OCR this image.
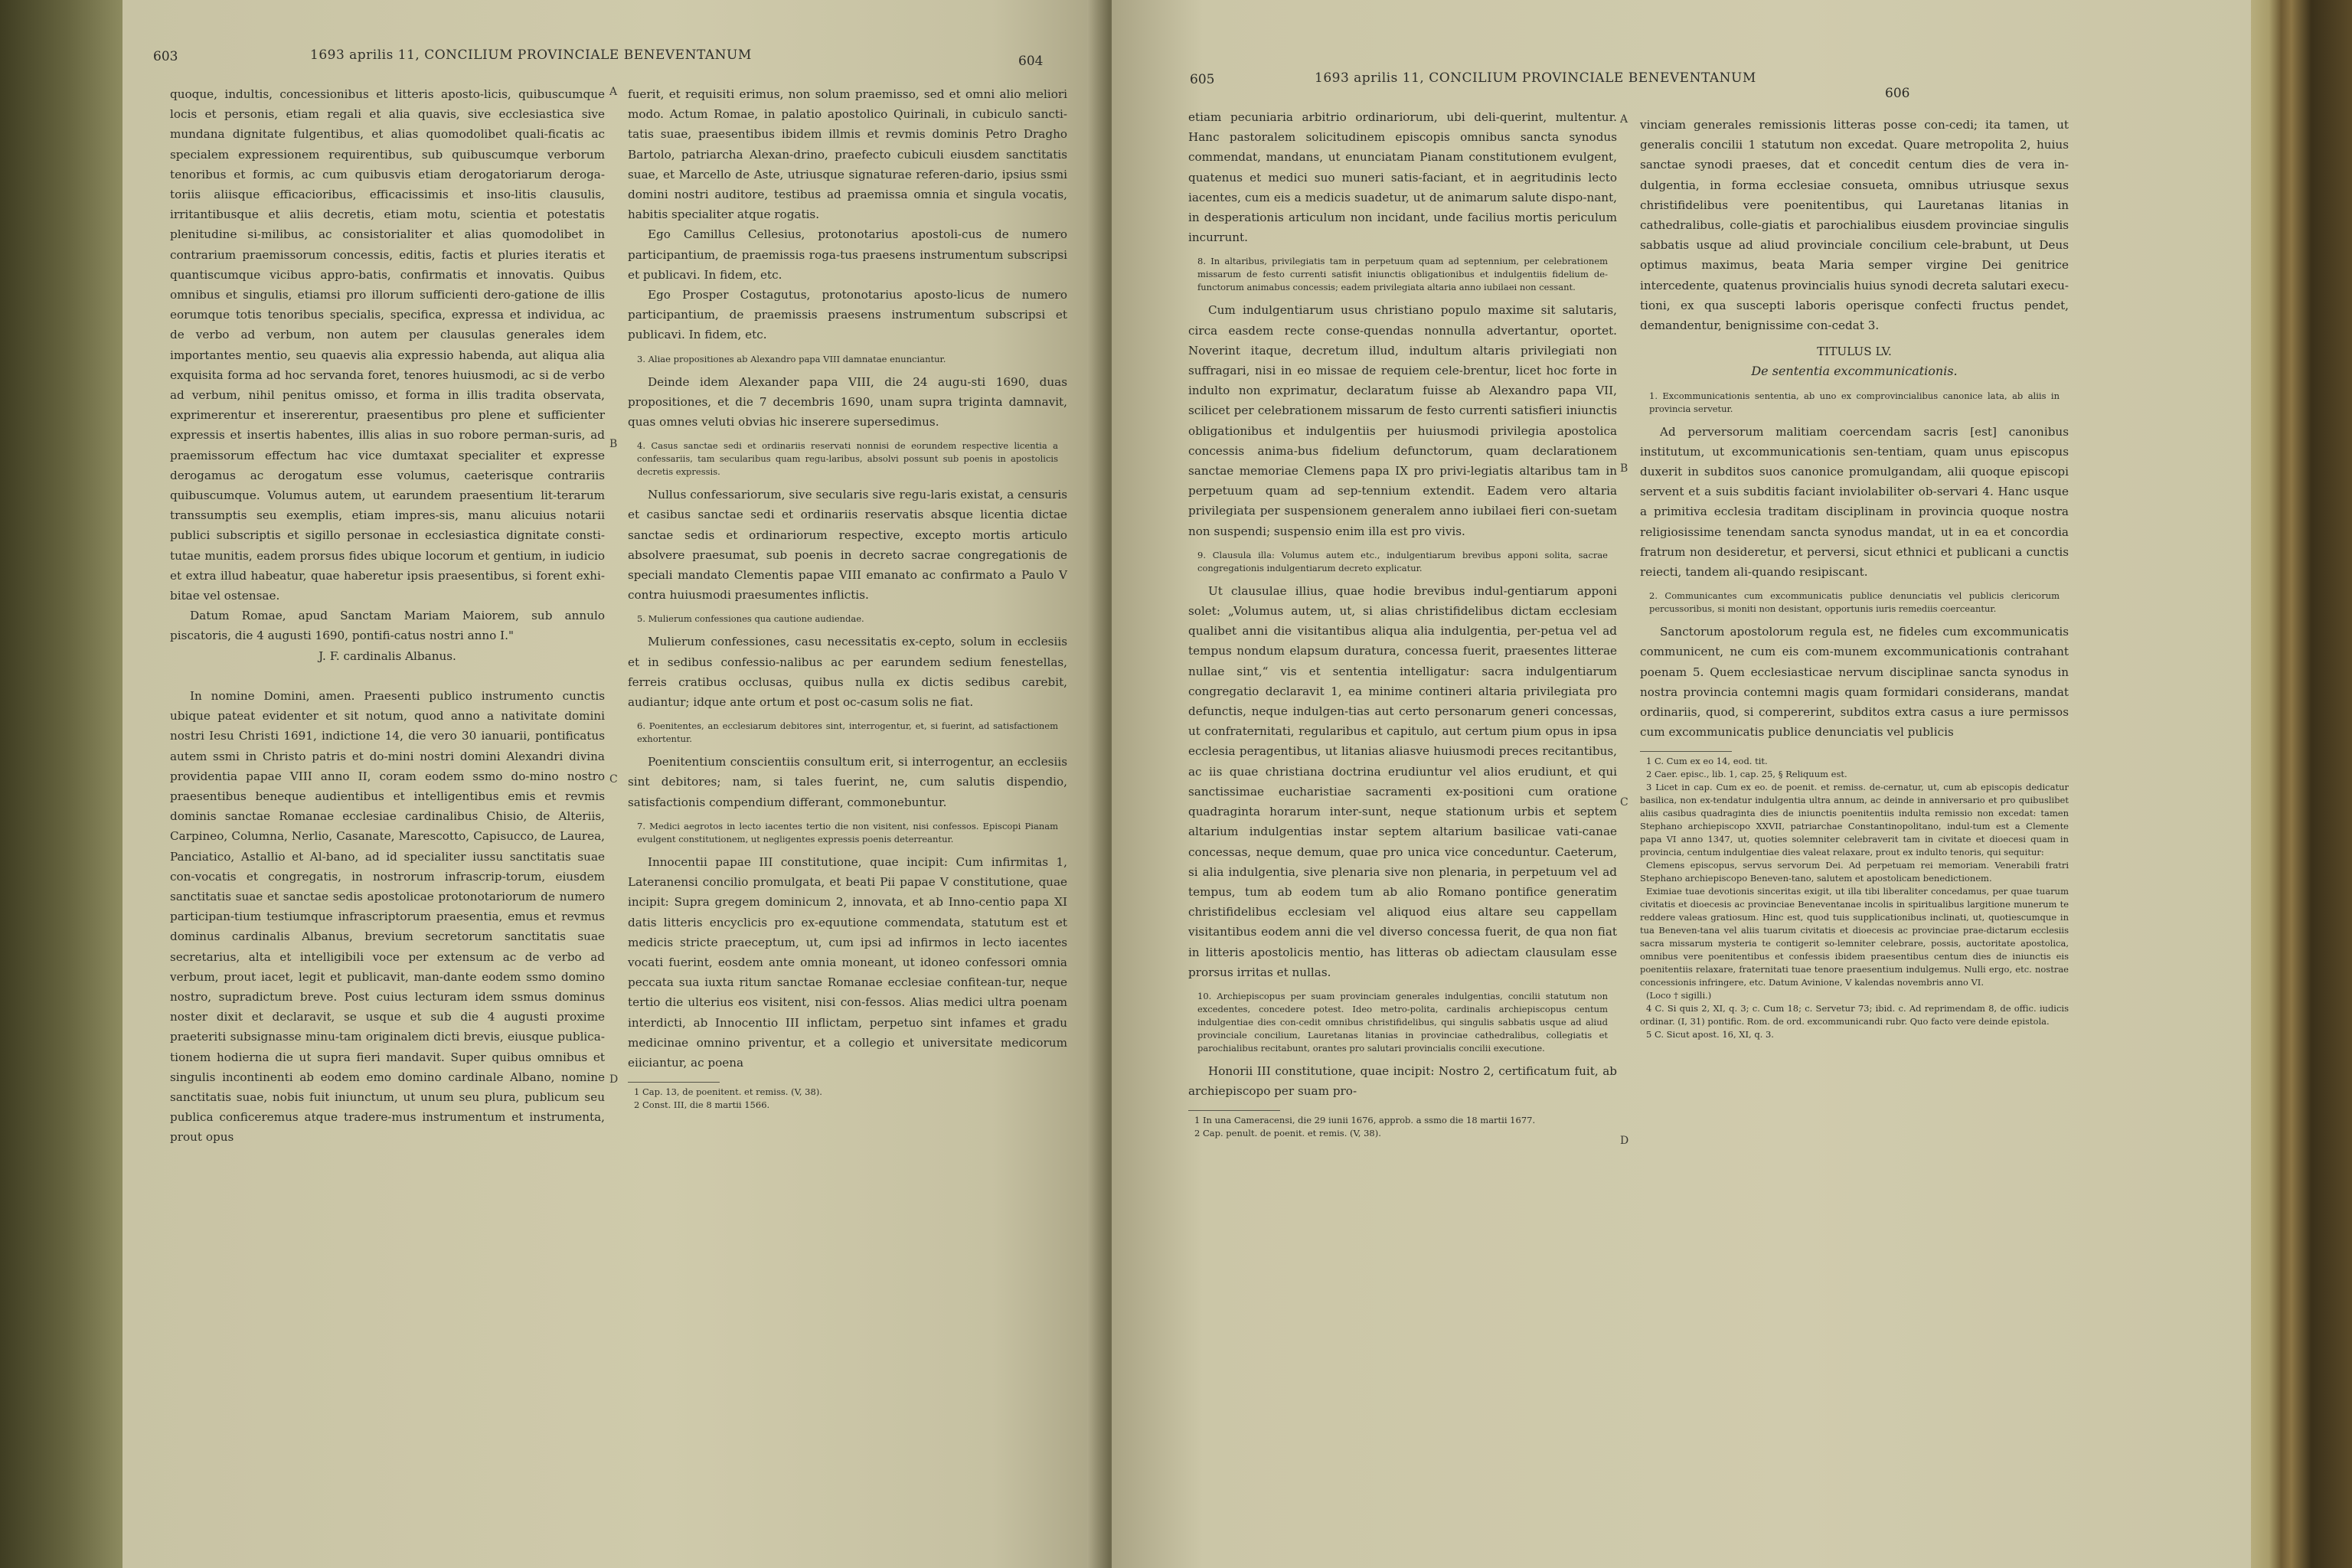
1693 aprilis 11, CONCILIUM PROVINCIALE BENEVENTANUM
603	604

quoque, indultis, concessionibus et litteris aposto-licis, quibuscumque locis et personis, etiam regali et alia quavis, sive ecclesiastica sive mundana dignitate fulgentibus, et alias quomodolibet quali-ficatis ac specialem expressionem requirentibus, sub quibuscumque verborum tenoribus et formis, ac cum quibusvis etiam derogatoriarum deroga-toriis aliisque efficacioribus, efficacissimis et inso-litis clausulis, irritantibusque et aliis decretis, etiam motu, scientia et potestatis plenitudine si-milibus, ac consistorialiter et alias quomodolibet in contrarium praemissorum concessis, editis, factis et pluries iteratis et quantiscumque vicibus appro-batis, confirmatis et innovatis. Quibus omnibus et singulis, etiamsi pro illorum sufficienti dero-gatione de illis eorumque totis tenoribus specialis, specifica, expressa et individua, ac de verbo ad verbum, non autem per clausulas generales idem importantes mentio, seu quaevis alia expressio habenda, aut aliqua alia exquisita forma ad hoc servanda foret, tenores huiusmodi, ac si de verbo ad verbum, nihil penitus omisso, et forma in illis tradita observata, exprimerentur et insererentur, praesentibus pro plene et sufficienter expressis et insertis habentes, illis alias in suo robore perman-suris, ad praemissorum effectum hac vice dumtaxat specialiter et expresse derogamus ac derogatum esse volumus, caeterisque contrariis quibuscumque. Volumus autem, ut earundem praesentium lit-terarum transsumptis seu exemplis, etiam impres-sis, manu alicuius notarii publici subscriptis et sigillo personae in ecclesiastica dignitate consti-tutae munitis, eadem prorsus fides ubique locorum et gentium, in iudicio et extra illud habeatur, quae haberetur ipsis praesentibus, si forent exhi-bitae vel ostensae.

Datum Romae, apud Sanctam Mariam Maiorem, sub annulo piscatoris, die 4 augusti 1690, pontifi-catus nostri anno I."

J. F. cardinalis Albanus.

In nomine Domini, amen. Praesenti publico instrumento cunctis ubique pateat evidenter et sit notum, quod anno a nativitate domini nostri Iesu Christi 1691, indictione 14, die vero 30 ianuarii, pontificatus autem ssmi in Christo patris et do-mini nostri domini Alexandri divina providentia papae VIII anno II, coram eodem ssmo do-mino nostro praesentibus beneque audientibus et intelligentibus emis et revmis dominis sanctae Romanae ecclesiae cardinalibus Chisio, de Alteriis, Carpineo, Columna, Nerlio, Casanate, Marescotto, Capisucco, de Laurea, Panciatico, Astallio et Al-bano, ad id specialiter iussu sanctitatis suae con-vocatis et congregatis, in nostrorum infrascrip-torum, eiusdem sanctitatis suae et sanctae sedis apostolicae protonotariorum de numero participan-tium testiumque infrascriptorum praesentia, emus et revmus dominus cardinalis Albanus, brevium secretorum sanctitatis suae secretarius, alta et intelligibili voce per extensum ac de verbo ad verbum, prout iacet, legit et publicavit, man-dante eodem ssmo domino nostro, supradictum breve. Post cuius lecturam idem ssmus dominus noster dixit et declaravit, se usque et sub die 4 augusti proxime praeteriti subsignasse minu-tam originalem dicti brevis, eiusque publica-tionem hodierna die ut supra fieri mandavit. Super quibus omnibus et singulis incontinenti ab eodem emo domino cardinale Albano, nomine sanctitatis suae, nobis fuit iniunctum, ut unum seu plura, publicum seu publica conficeremus atque tradere-mus instrumentum et instrumenta, prout opus

A
B
C
D

fuerit, et requisiti erimus, non solum praemisso, sed et omni alio meliori modo. Actum Romae, in palatio apostolico Quirinali, in cubiculo sancti-tatis suae, praesentibus ibidem illmis et revmis dominis Petro Dragho Bartolo, patriarcha Alexan-drino, praefecto cubiculi eiusdem sanctitatis suae, et Marcello de Aste, utriusque signaturae referen-dario, ipsius ssmi domini nostri auditore, testibus ad praemissa omnia et singula vocatis, habitis specialiter atque rogatis.

Ego Camillus Cellesius, protonotarius apostoli-cus de numero participantium, de praemissis roga-tus praesens instrumentum subscripsi et publicavi. In fidem, etc.

Ego Prosper Costagutus, protonotarius aposto-licus de numero participantium, de praemissis praesens instrumentum subscripsi et publicavi. In fidem, etc.

3. Aliae propositiones ab Alexandro papa VIII damnatae enunciantur.

Deinde idem Alexander papa VIII, die 24 augu-sti 1690, duas propositiones, et die 7 decembris 1690, unam supra triginta damnavit, quas omnes veluti obvias hic inserere supersedimus.

4. Casus sanctae sedi et ordinariis reservati nonnisi de eorundem respective licentia a confessariis, tam secularibus quam regu-laribus, absolvi possunt sub poenis in apostolicis decretis expressis.

Nullus confessariorum, sive secularis sive regu-laris existat, a censuris et casibus sanctae sedi et ordinariis reservatis absque licentia dictae sanctae sedis et ordinariorum respective, excepto mortis articulo absolvere praesumat, sub poenis in decreto sacrae congregationis de speciali mandato Clementis papae VIII emanato ac confirmato a Paulo V contra huiusmodi praesumentes inflictis.

5. Mulierum confessiones qua cautione audiendae.

Mulierum confessiones, casu necessitatis ex-cepto, solum in ecclesiis et in sedibus confessio-nalibus ac per earundem sedium fenestellas, ferreis cratibus occlusas, quibus nulla ex dictis sedibus carebit, audiantur; idque ante ortum et post oc-casum solis ne fiat.

6. Poenitentes, an ecclesiarum debitores sint, interrogentur, et, si fuerint, ad satisfactionem exhortentur.

Poenitentium conscientiis consultum erit, si interrogentur, an ecclesiis sint debitores; nam, si tales fuerint, ne, cum salutis dispendio, satisfactionis compendium differant, commonebuntur.

7. Medici aegrotos in lecto iacentes tertio die non visitent, nisi confessos. Episcopi Pianam evulgent constitutionem, ut negligentes expressis poenis deterreantur.

Innocentii papae III constitutione, quae incipit: Cum infirmitas 1, Lateranensi concilio promulgata, et beati Pii papae V constitutione, quae incipit: Supra gregem dominicum 2, innovata, et ab Inno-centio papa XI datis litteris encyclicis pro ex-equutione commendata, statutum est et medicis stricte praeceptum, ut, cum ipsi ad infirmos in lecto iacentes vocati fuerint, eosdem ante omnia moneant, ut idoneo confessori omnia peccata sua iuxta ritum sanctae Romanae ecclesiae confitean-tur, neque tertio die ulterius eos visitent, nisi con-fessos. Alias medici ultra poenam interdicti, ab Innocentio III inflictam, perpetuo sint infames et gradu medicinae omnino priventur, et a collegio et universitate medicorum eiiciantur, ac poena

1 Cap. 13, de poenitent. et remiss. (V, 38).

2 Const. III, die 8 martii 1566.

1693 aprilis 11, CONCILIUM PROVINCIALE BENEVENTANUM
605
606

etiam pecuniaria arbitrio ordinariorum, ubi deli-querint, multentur. Hanc pastoralem solicitudinem episcopis omnibus sancta synodus commendat, mandans, ut enunciatam Pianam constitutionem evulgent, quatenus et medici suo muneri satis-faciant, et in aegritudinis lecto iacentes, cum eis a medicis suadetur, ut de animarum salute dispo-nant, in desperationis articulum non incidant, unde facilius mortis periculum incurrunt.

8. In altaribus, privilegiatis tam in perpetuum quam ad septennium, per celebrationem missarum de festo currenti satisfit iniunctis obligationibus et indulgentiis fidelium de-functorum animabus concessis; eadem privilegiata altaria anno iubilaei non cessant.

Cum indulgentiarum usus christiano populo maxime sit salutaris, circa easdem recte conse-quendas nonnulla advertantur, oportet. Noverint itaque, decretum illud, indultum altaris privilegiati non suffragari, nisi in eo missae de requiem cele-brentur, licet hoc forte in indulto non exprimatur, declaratum fuisse ab Alexandro papa VII, scilicet per celebrationem missarum de festo currenti satisfieri iniunctis obligationibus et indulgentiis per huiusmodi privilegia apostolica concessis anima-bus fidelium defunctorum, quam declarationem sanctae memoriae Clemens papa IX pro privi-legiatis altaribus tam in perpetuum quam ad sep-tennium extendit. Eadem vero altaria privilegiata per suspensionem generalem anno iubilaei fieri con-suetam non suspendi; suspensio enim illa est pro vivis.

9. Clausula illa: Volumus autem etc., indulgentiarum brevibus apponi solita, sacrae congregationis indulgentiarum decreto explicatur.

Ut clausulae illius, quae hodie brevibus indul-gentiarum apponi solet: „Volumus autem, ut, si alias christifidelibus dictam ecclesiam qualibet anni die visitantibus aliqua alia indulgentia, per-petua vel ad tempus nondum elapsum duratura, concessa fuerit, praesentes litterae nullae sint,“ vis et sententia intelligatur: sacra indulgentiarum congregatio declaravit 1, ea minime contineri altaria privilegiata pro defunctis, neque indulgen-tias aut certo personarum generi concessas, ut confraternitati, regularibus et capitulo, aut certum pium opus in ipsa ecclesia peragentibus, ut litanias aliasve huiusmodi preces recitantibus, ac iis quae christiana doctrina erudiuntur vel alios erudiunt, et qui sanctissimae eucharistiae sacramenti ex-positioni cum oratione quadraginta horarum inter-sunt, neque stationum urbis et septem altarium indulgentias instar septem altarium basilicae vati-canae concessas, neque demum, quae pro unica vice conceduntur. Caeterum, si alia indulgentia, sive plenaria sive non plenaria, in perpetuum vel ad tempus, tum ab eodem tum ab alio Romano pontifice generatim christifidelibus ecclesiam vel aliquod eius altare seu cappellam visitantibus eodem anni die vel diverso concessa fuerit, de qua non fiat in litteris apostolicis mentio, has litteras ob adiectam clausulam esse prorsus irritas et nullas.

10. Archiepiscopus per suam provinciam generales indulgentias, concilii statutum non excedentes, concedere potest. Ideo metro-polita, cardinalis archiepiscopus centum indulgentiae dies con-cedit omnibus christifidelibus, qui singulis sabbatis usque ad aliud provinciale concilium, Lauretanas litanias in provinciae cathedralibus, collegiatis et parochialibus recitabunt, orantes pro salutari provincialis concilii executione.

Honorii III constitutione, quae incipit: Nostro 2, certificatum fuit, ab archiepiscopo per suam pro-

1 In una Cameracensi, die 29 iunii 1676, approb. a ssmo die 18 martii 1677.

2 Cap. penult. de poenit. et remis. (V, 38).

A
B
C
D

vinciam generales remissionis litteras posse con-cedi; ita tamen, ut generalis concilii 1 statutum non excedat. Quare metropolita 2, huius sanctae synodi praeses, dat et concedit centum dies de vera in-dulgentia, in forma ecclesiae consueta, omnibus utriusque sexus christifidelibus vere poenitentibus, qui Lauretanas litanias in cathedralibus, colle-giatis et parochialibus eiusdem provinciae singulis sabbatis usque ad aliud provinciale concilium cele-brabunt, ut Deus optimus maximus, beata Maria semper virgine Dei genitrice intercedente, quatenus provincialis huius synodi decreta salutari execu-tioni, ex qua suscepti laboris operisque confecti fructus pendet, demandentur, benignissime con-cedat 3.

TITULUS LV.

De sententia excommunicationis.

1. Excommunicationis sententia, ab uno ex comprovincialibus canonice lata, ab aliis in provincia servetur.

Ad perversorum malitiam coercendam sacris [est] canonibus institutum, ut excommunicationis sen-tentiam, quam unus episcopus duxerit in subditos suos canonice promulgandam, alii quoque episcopi servent et a suis subditis faciant inviolabiliter ob-servari 4. Hanc usque a primitiva ecclesia traditam disciplinam in provincia quoque nostra religiosissime tenendam sancta synodus mandat, ut in ea et concordia fratrum non desideretur, et perversi, sicut ethnici et publicani a cunctis reiecti, tandem ali-quando resipiscant.

2. Communicantes cum excommunicatis publice denunciatis vel publicis clericorum percussoribus, si moniti non desistant, opportunis iuris remediis coerceantur.

Sanctorum apostolorum regula est, ne fideles cum excommunicatis communicent, ne cum eis com-munem excommunicationis contrahant poenam 5. Quem ecclesiasticae nervum disciplinae sancta synodus in nostra provincia contemni magis quam formidari considerans, mandat ordinariis, quod, si compererint, subditos extra casus a iure permissos cum excommunicatis publice denunciatis vel publicis

1 C. Cum ex eo 14, eod. tit.

2 Caer. episc., lib. 1, cap. 25, § Reliquum est.

3 Licet in cap. Cum ex eo. de poenit. et remiss. de-cernatur, ut, cum ab episcopis dedicatur basilica, non ex-tendatur indulgentia ultra annum, ac deinde in anniversario et pro quibuslibet aliis casibus quadraginta dies de iniunctis poenitentiis indulta remissio non excedat: tamen Stephano archiepiscopo XXVII, patriarchae Constantinopolitano, indul-tum est a Clemente papa VI anno 1347, ut, quoties solemniter celebraverit tam in civitate et dioecesi quam in provincia, centum indulgentiae dies valeat relaxare, prout ex indulto tenoris, qui sequitur:

Clemens episcopus, servus servorum Dei. Ad perpetuam rei memoriam. Venerabili fratri Stephano archiepiscopo Beneven-tano, salutem et apostolicam benedictionem.

Eximiae tuae devotionis sinceritas exigit, ut illa tibi liberaliter concedamus, per quae tuarum civitatis et dioecesis ac provinciae Beneventanae incolis in spiritualibus largitione munerum te reddere valeas gratiosum. Hinc est, quod tuis supplicationibus inclinati, ut, quotiescumque in tua Beneven-tana vel aliis tuarum civitatis et dioecesis ac provinciae prae-dictarum ecclesiis sacra missarum mysteria te contigerit so-lemniter celebrare, possis, auctoritate apostolica, omnibus vere poenitentibus et confessis ibidem praesentibus centum dies de iniunctis eis poenitentiis relaxare, fraternitati tuae tenore praesentium indulgemus. Nulli ergo, etc. nostrae concessionis infringere, etc. Datum Avinione, V kalendas novembris anno VI.

(Loco † sigilli.)

4 C. Si quis 2, XI, q. 3; c. Cum 18; c. Servetur 73; ibid. c. Ad reprimendam 8, de offic. iudicis ordinar. (I, 31) pontific. Rom. de ord. excommunicandi rubr. Quo facto vere deinde epistola.

5 C. Sicut apost. 16, XI, q. 3.
